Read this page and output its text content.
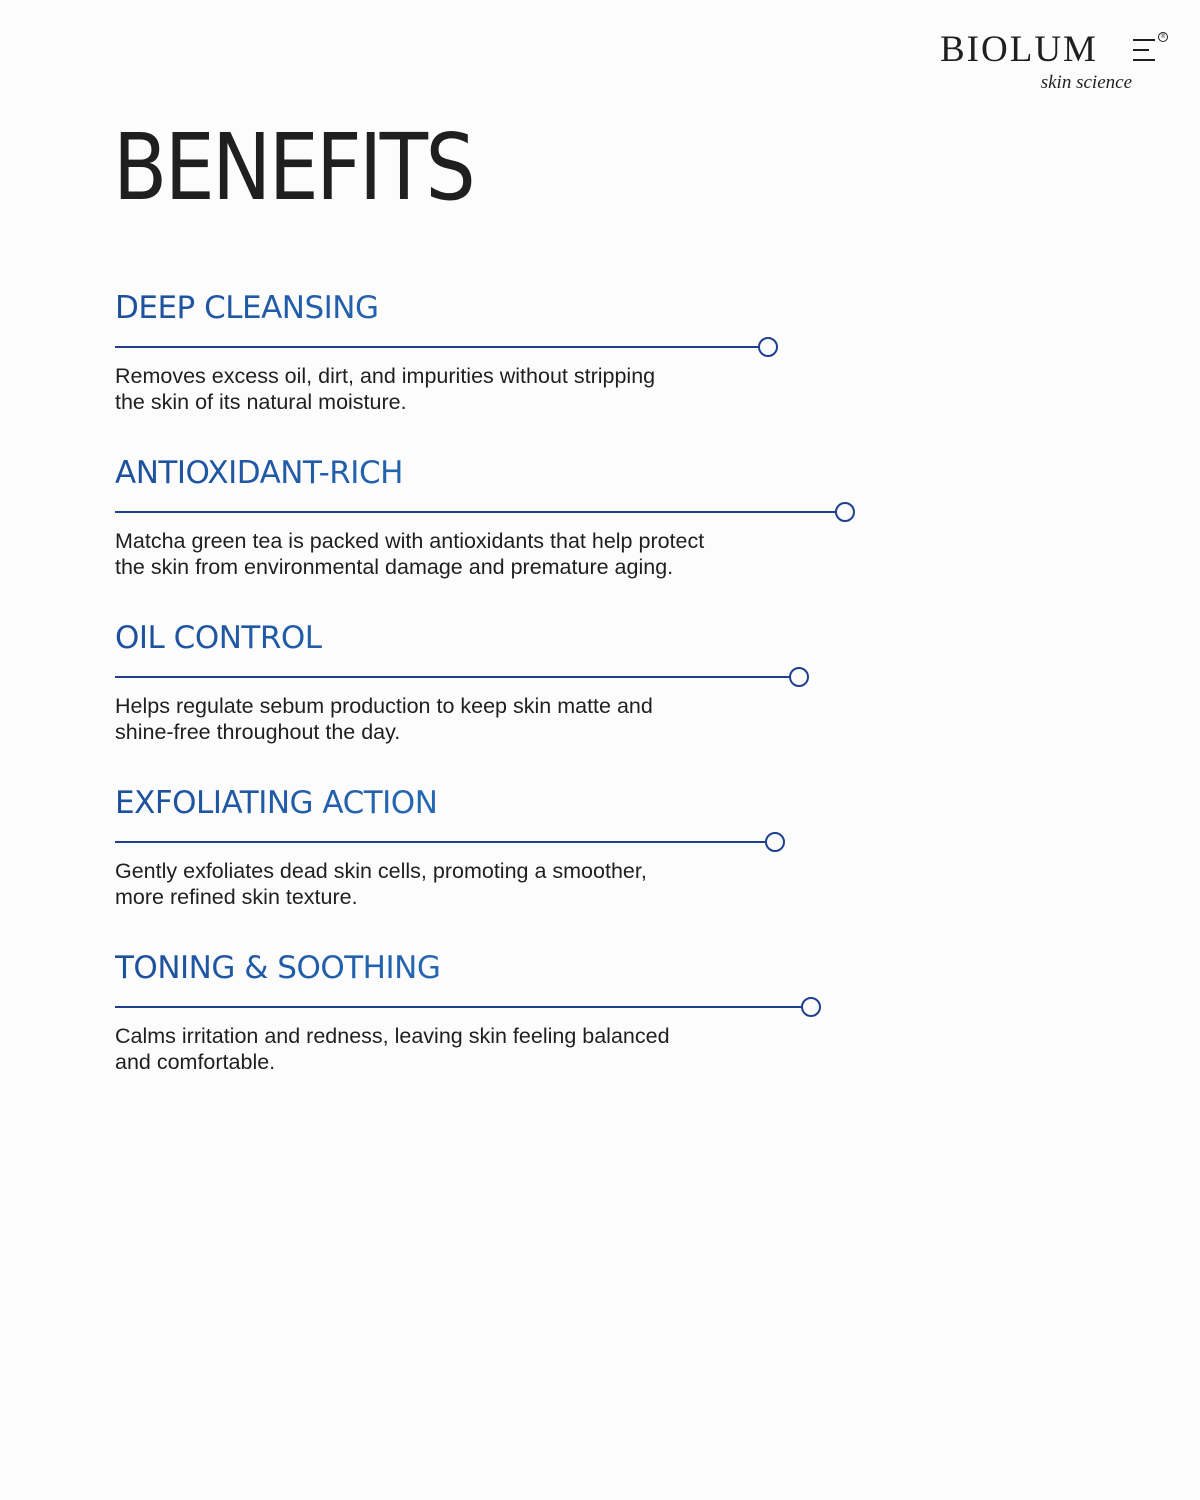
BIOLUM	®
skin science
BENEFITS
DEEP CLEANSING

Removes excess oil, dirt, and impurities without stripping
the skin of its natural moisture.

ANTIOXIDANT-RICH

Matcha green tea is packed with antioxidants that help protect
the skin from environmental damage and premature aging.

OIL CONTROL

Helps regulate sebum production to keep skin matte and
shine-free throughout the day.

EXFOLIATING ACTION

Gently exfoliates dead skin cells, promoting a smoother,
more refined skin texture.

TONING & SOOTHING

Calms irritation and redness, leaving skin feeling balanced
and comfortable.
